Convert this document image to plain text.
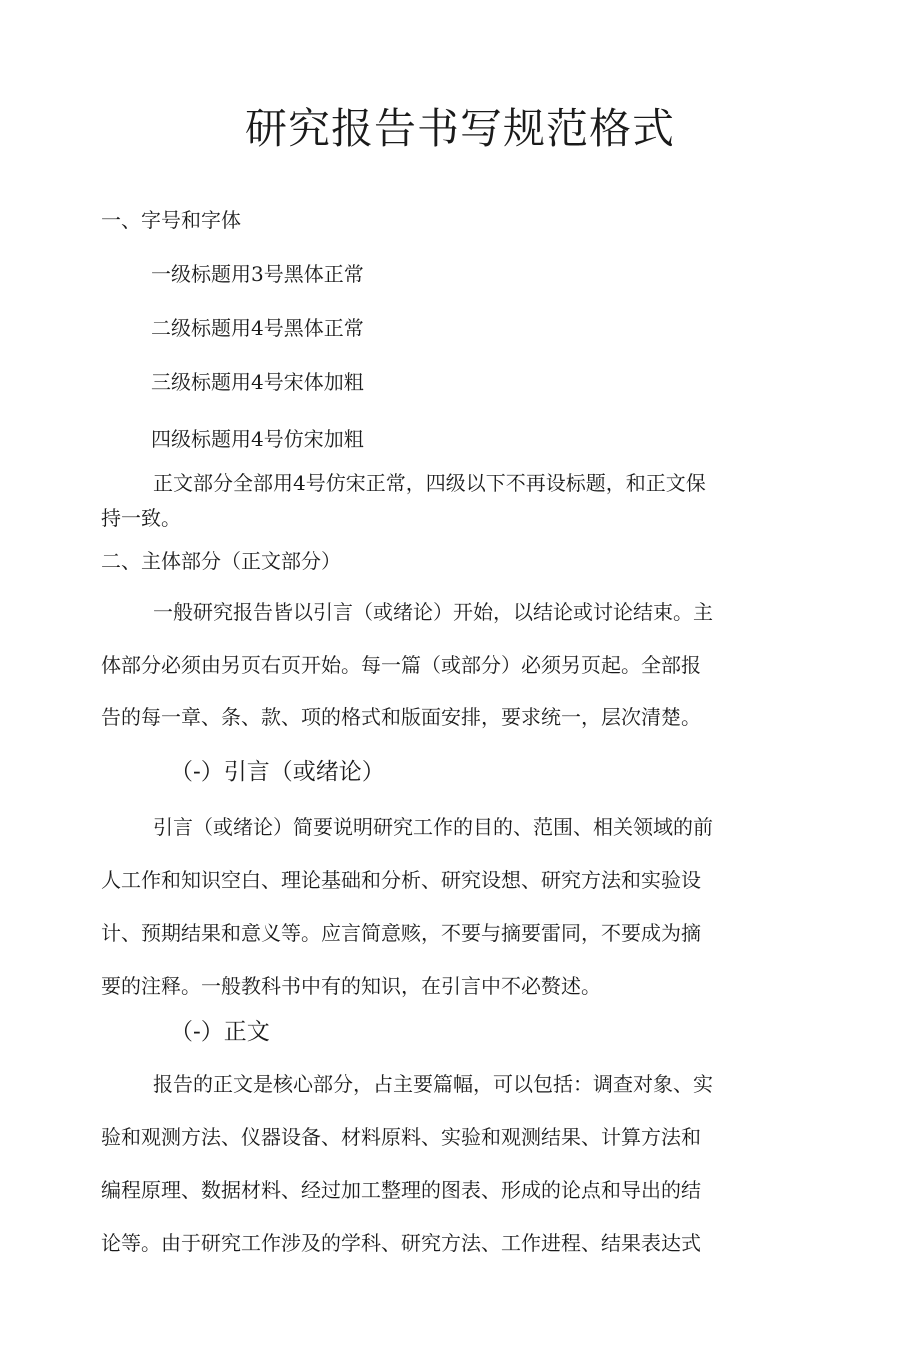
研究报告书写规范格式
一、字号和字体
一级标题用3号黑体正常
二级标题用4号黑体正常
三级标题用4号宋体加粗
四级标题用4号仿宋加粗
正文部分全部用4号仿宋正常，四级以下不再设标题，和正文保
持一致。
二、主体部分（正文部分）
一般研究报告皆以引言（或绪论）开始，以结论或讨论结束。主
体部分必须由另页右页开始。每一篇（或部分）必须另页起。全部报
告的每一章、条、款、项的格式和版面安排，要求统一，层次清楚。
（-）引言（或绪论）
引言（或绪论）简要说明研究工作的目的、范围、相关领域的前
人工作和知识空白、理论基础和分析、研究设想、研究方法和实验设
计、预期结果和意义等。应言简意赅，不要与摘要雷同，不要成为摘
要的注释。一般教科书中有的知识，在引言中不必赘述。
（-）正文
报告的正文是核心部分，占主要篇幅，可以包括：调查对象、实
验和观测方法、仪器设备、材料原料、实验和观测结果、计算方法和
编程原理、数据材料、经过加工整理的图表、形成的论点和导出的结
论等。由于研究工作涉及的学科、研究方法、工作进程、结果表达式
